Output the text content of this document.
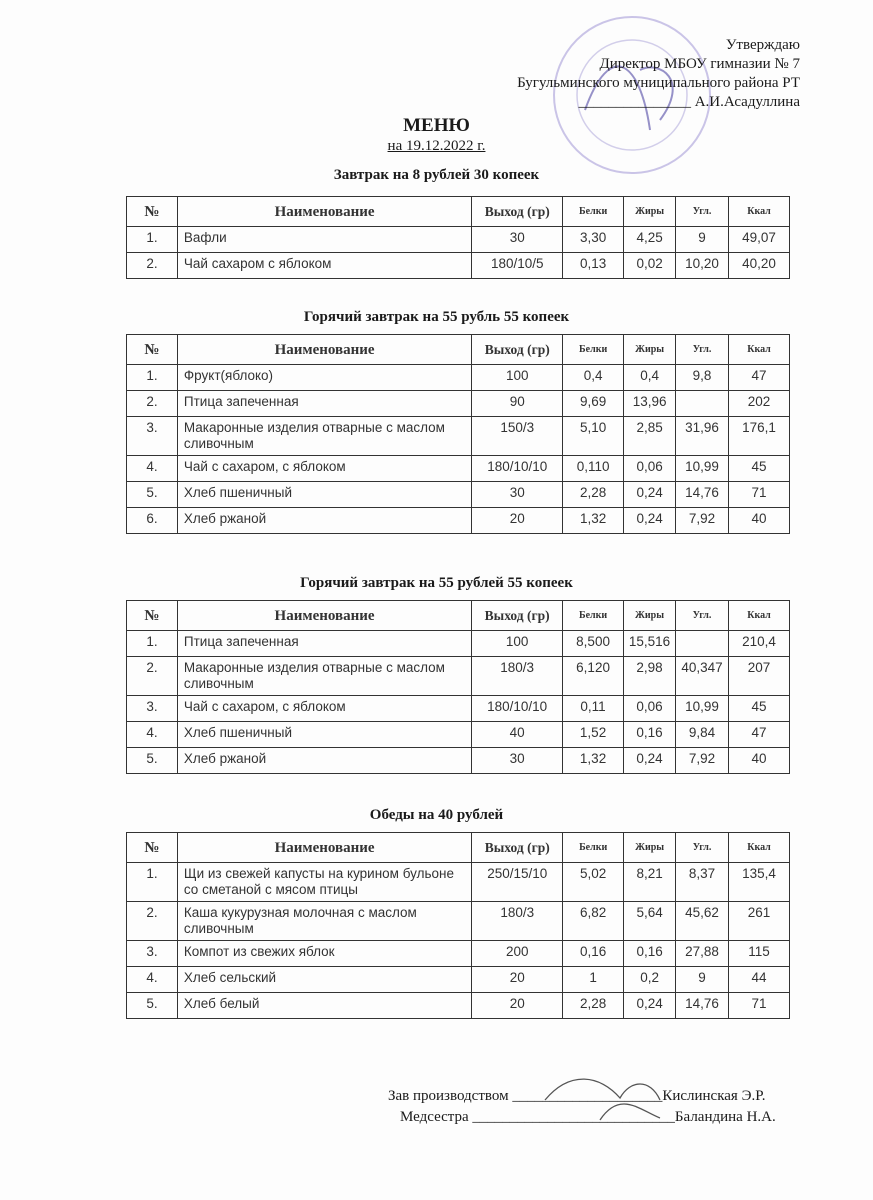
Утверждаю
Директор МБОУ гимназии № 7
Бугульминского муниципального района РТ
_______________ А.И.Асадуллина
МЕНЮ
на 19.12.2022 г.
Завтрак на 8 рублей 30 копеек
№	Наименование	Выход (гр)	Белки	Жиры	Угл.	Ккал
1.	Вафли	30	3,30	4,25	9	49,07
2.	Чай сахаром с яблоком	180/10/5	0,13	0,02	10,20	40,20
Горячий завтрак на 55 рубль 55 копеек
№	Наименование	Выход (гр)	Белки	Жиры	Угл.	Ккал
1.	Фрукт(яблоко)	100	0,4	0,4	9,8	47
2.	Птица запеченная	90	9,69	13,96		202
3.	Макаронные изделия отварные с маслом сливочным	150/3	5,10	2,85	31,96	176,1
4.	Чай с сахаром, с яблоком	180/10/10	0,110	0,06	10,99	45
5.	Хлеб пшеничный	30	2,28	0,24	14,76	71
6.	Хлеб ржаной	20	1,32	0,24	7,92	40
Горячий завтрак на 55 рублей 55 копеек
№	Наименование	Выход (гр)	Белки	Жиры	Угл.	Ккал
1.	Птица запеченная	100	8,500	15,516		210,4
2.	Макаронные изделия отварные с маслом сливочным	180/3	6,120	2,98	40,347	207
3.	Чай с сахаром, с яблоком	180/10/10	0,11	0,06	10,99	45
4.	Хлеб пшеничный	40	1,52	0,16	9,84	47
5.	Хлеб ржаной	30	1,32	0,24	7,92	40
Обеды на 40 рублей
№	Наименование	Выход (гр)	Белки	Жиры	Угл.	Ккал
1.	Щи из свежей капусты на курином бульоне со сметаной с мясом птицы	250/15/10	5,02	8,21	8,37	135,4
2.	Каша кукурузная молочная с маслом сливочным	180/3	6,82	5,64	45,62	261
3.	Компот из свежих яблок	200	0,16	0,16	27,88	115
4.	Хлеб сельский	20	1	0,2	9	44
5.	Хлеб белый	20	2,28	0,24	14,76	71
Зав производством ____________________Кислинская Э.Р.
Медсестра ___________________________Баландина Н.А.
